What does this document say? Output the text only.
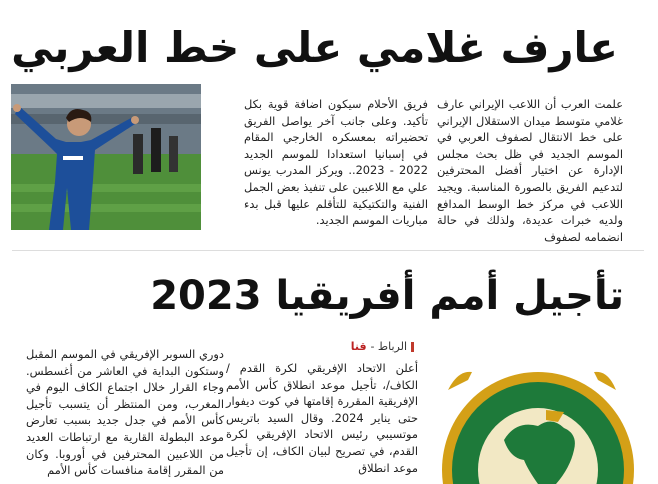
عارف غلامي على خط العربي

علمت العرب أن اللاعب الإيراني عارف غلامي متوسط ميدان الاستقلال الإيراني على خط الانتقال لصفوف العربي في الموسم الجديد في ظل بحث مجلس الإدارة عن اختيار أفضل المحترفين لتدعيم الفريق بالصورة المناسبة. ويجيد اللاعب في مركز خط الوسط المدافع ولديه خبرات عديدة، ولذلك في حالة انضمامه لصفوف

فريق الأحلام سيكون اضافة قوية بكل تأكيد. وعلى جانب آخر يواصل الفريق تحضيراته بمعسكره الخارجي المقام في إسبانيا استعدادا للموسم الجديد 2022 - 2023.. ويركز المدرب يونس علي مع اللاعبين على تنفيذ بعض الجمل الفنية والتكتيكية للتأقلم عليها قبل بدء مباريات الموسم الجديد.

تأجيل أمم أفريقيا 2023
الرباط - قنا

أعلن الاتحاد الإفريقي لكرة القدم /الكاف/، تأجيل موعد انطلاق كأس الأمم الإفريقية المقررة إقامتها في كوت ديفوار حتى يناير 2024. وقال السيد باتريس موتسيبي رئيس الاتحاد الإفريقي لكرة القدم، في تصريح لبيان الكاف، إن تأجيل موعد انطلاق

دوري السوبر الإفريقي في الموسم المقبل وستكون البداية في العاشر من أغسطس. وجاء القرار خلال اجتماع الكاف اليوم في المغرب، ومن المنتظر أن يتسبب تأجيل كأس الأمم في جدل جديد بسبب تعارض موعد البطولة القارية مع ارتباطات العديد من اللاعبين المحترفين في أوروبا. وكان من المقرر إقامة منافسات كأس الأمم
